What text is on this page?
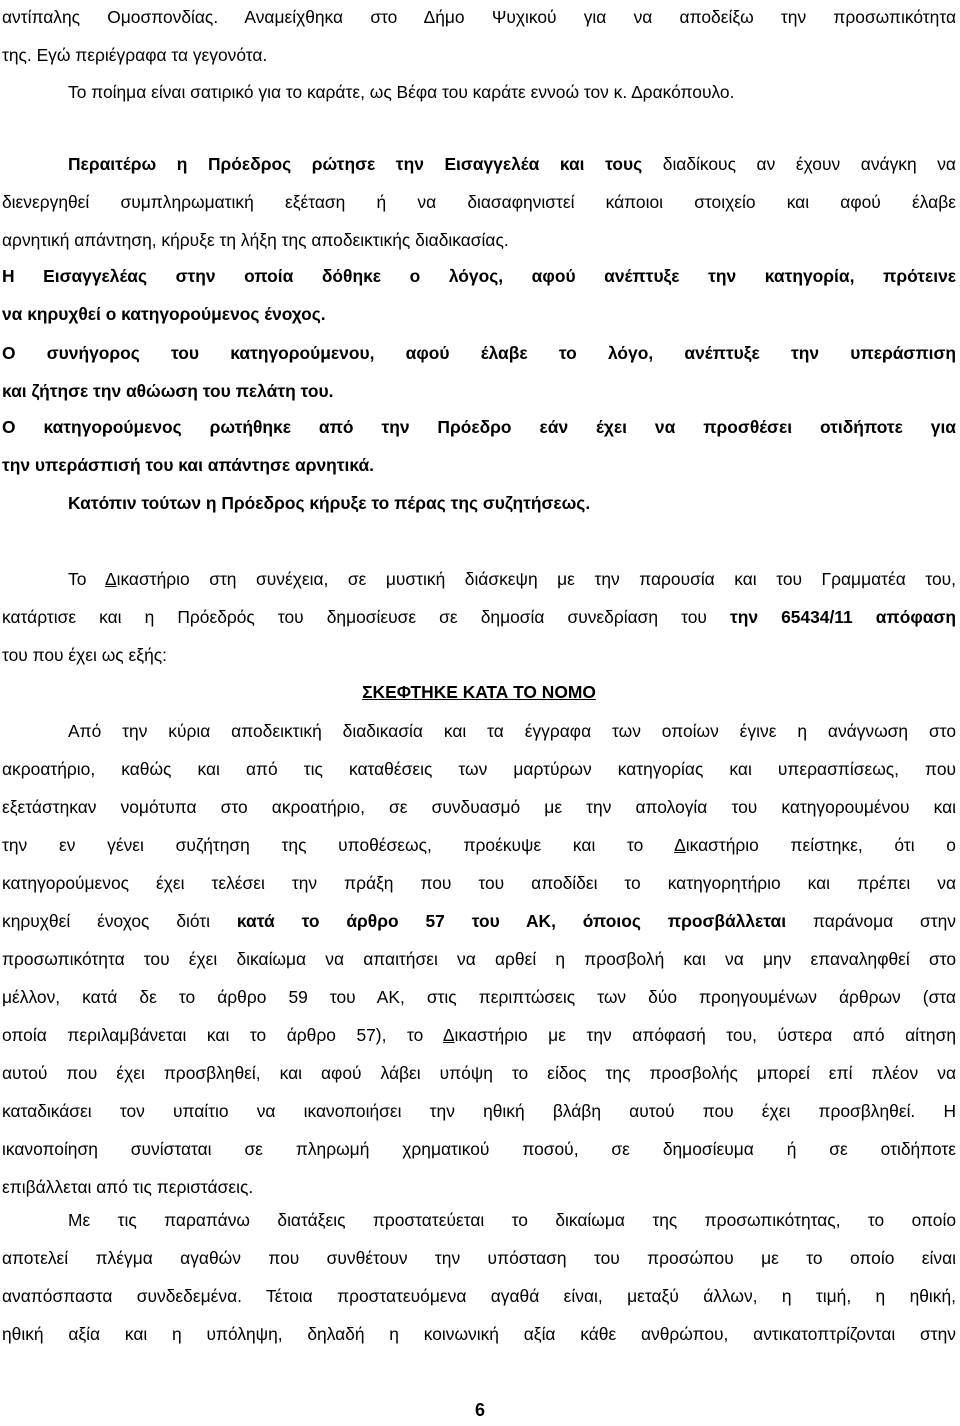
αντίπαλης Ομοσπονδίας. Αναμείχθηκα στο Δήμο Ψυχικού για να αποδείξω την προσωπικότητα
της. Εγώ περιέγραφα τα γεγονότα.
Το ποίημα είναι σατιρικό για το καράτε, ως Βέφα του καράτε εννοώ τον κ. Δρακόπουλο.
Περαιτέρω η Πρόεδρος ρώτησε την Εισαγγελέα και τους διαδίκους αν έχουν ανάγκη να
διενεργηθεί συμπληρωματική εξέταση ή να διασαφηνιστεί κάποιοι στοιχείο και αφού έλαβε
αρνητική απάντηση, κήρυξε τη λήξη της αποδεικτικής διαδικασίας.
Η Εισαγγελέας στην οποία δόθηκε ο λόγος, αφού ανέπτυξε την κατηγορία, πρότεινε
να κηρυχθεί ο κατηγορούμενος ένοχος.
Ο συνήγορος του κατηγορούμενου, αφού έλαβε το λόγο, ανέπτυξε την υπεράσπιση
και ζήτησε την αθώωση του πελάτη του.
Ο κατηγορούμενος ρωτήθηκε από την Πρόεδρο εάν έχει να προσθέσει οτιδήποτε για
την υπεράσπισή του και απάντησε αρνητικά.
Κατόπιν τούτων η Πρόεδρος κήρυξε το πέρας της συζητήσεως.
Το Δικαστήριο στη συνέχεια, σε μυστική διάσκεψη με την παρουσία και του Γραμματέα του,
κατάρτισε και η Πρόεδρός του δημοσίευσε σε δημοσία συνεδρίαση του την 65434/11 απόφαση
του που έχει ως εξής:
ΣΚΕΦΤΗΚΕ ΚΑΤΑ ΤΟ ΝΟΜΟ
Από την κύρια αποδεικτική διαδικασία και τα έγγραφα των οποίων έγινε η ανάγνωση στο
ακροατήριο, καθώς και από τις καταθέσεις των μαρτύρων κατηγορίας και υπερασπίσεως, που
εξετάστηκαν νομότυπα στο ακροατήριο, σε συνδυασμό με την απολογία του κατηγορουμένου και
την εν γένει συζήτηση της υποθέσεως, προέκυψε και το Δικαστήριο πείστηκε, ότι ο
κατηγορούμενος έχει τελέσει την πράξη που του αποδίδει το κατηγορητήριο και πρέπει να
κηρυχθεί ένοχος διότι κατά το άρθρο 57 του ΑΚ, όποιος προσβάλλεται παράνομα στην
προσωπικότητα του έχει δικαίωμα να απαιτήσει να αρθεί η προσβολή και να μην επαναληφθεί στο
μέλλον, κατά δε το άρθρο 59 του ΑΚ, στις περιπτώσεις των δύο προηγουμένων άρθρων (στα
οποία περιλαμβάνεται και το άρθρο 57), το Δικαστήριο με την απόφασή του, ύστερα από αίτηση
αυτού που έχει προσβληθεί, και αφού λάβει υπόψη το είδος της προσβολής μπορεί επί πλέον να
καταδικάσει τον υπαίτιο να ικανοποιήσει την ηθική βλάβη αυτού που έχει προσβληθεί. Η
ικανοποίηση συνίσταται σε πληρωμή χρηματικού ποσού, σε δημοσίευμα ή σε οτιδήποτε
επιβάλλεται από τις περιστάσεις.
Με τις παραπάνω διατάξεις προστατεύεται το δικαίωμα της προσωπικότητας, το οποίο
αποτελεί πλέγμα αγαθών που συνθέτουν την υπόσταση του προσώπου με το οποίο είναι
αναπόσπαστα συνδεδεμένα. Τέτοια προστατευόμενα αγαθά είναι, μεταξύ άλλων, η τιμή, η ηθική,
ηθική αξία και η υπόληψη, δηλαδή η κοινωνική αξία κάθε ανθρώπου, αντικατοπτρίζονται στην
6
